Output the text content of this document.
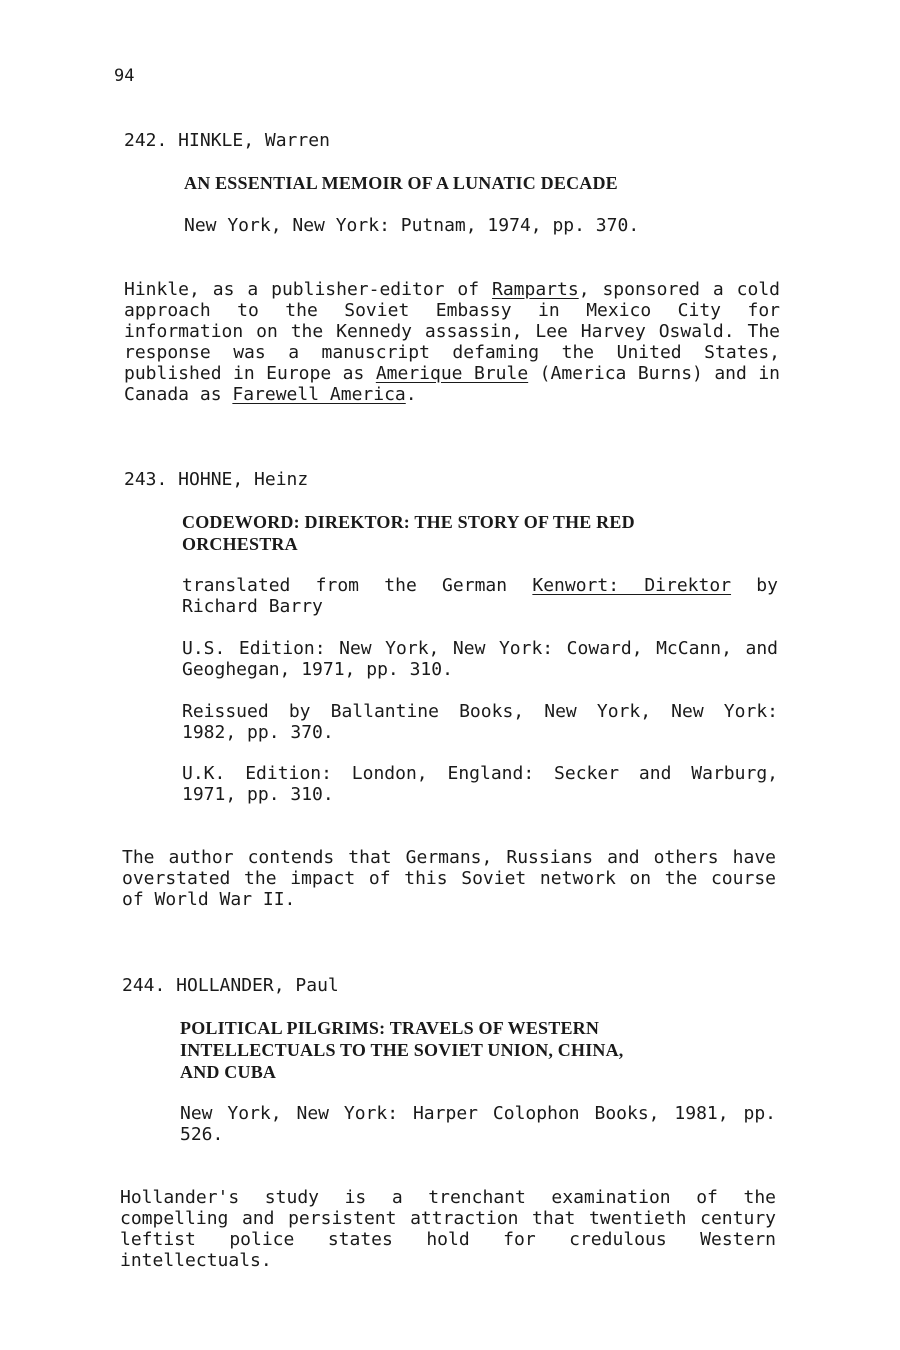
94
242. HINKLE, Warren
AN ESSENTIAL MEMOIR OF A LUNATIC DECADE
New York, New York: Putnam, 1974, pp. 370.
Hinkle, as a publisher-editor of Ramparts, sponsored a cold approach to the Soviet Embassy in Mexico City for information on the Kennedy assassin, Lee Harvey Oswald. The response was a manuscript defaming the United States, published in Europe as Amerique Brule (America Burns) and in Canada as Farewell America.
243. HOHNE, Heinz
CODEWORD: DIREKTOR: THE STORY OF THE RED
ORCHESTRA
translated from the German Kenwort: Direktor by Richard Barry
U.S. Edition: New York, New York: Coward, McCann, and Geoghegan, 1971, pp. 310.
Reissued by Ballantine Books, New York, New York: 1982, pp. 370.
U.K. Edition: London, England: Secker and Warburg, 1971, pp. 310.
The author contends that Germans, Russians and others have overstated the impact of this Soviet network on the course of World War II.
244. HOLLANDER, Paul
POLITICAL PILGRIMS: TRAVELS OF WESTERN
INTELLECTUALS TO THE SOVIET UNION, CHINA,
AND CUBA
New York, New York: Harper Colophon Books, 1981, pp. 526.
Hollander's study is a trenchant examination of the compelling and persistent attraction that twentieth century leftist police states hold for credulous Western intellectuals.
